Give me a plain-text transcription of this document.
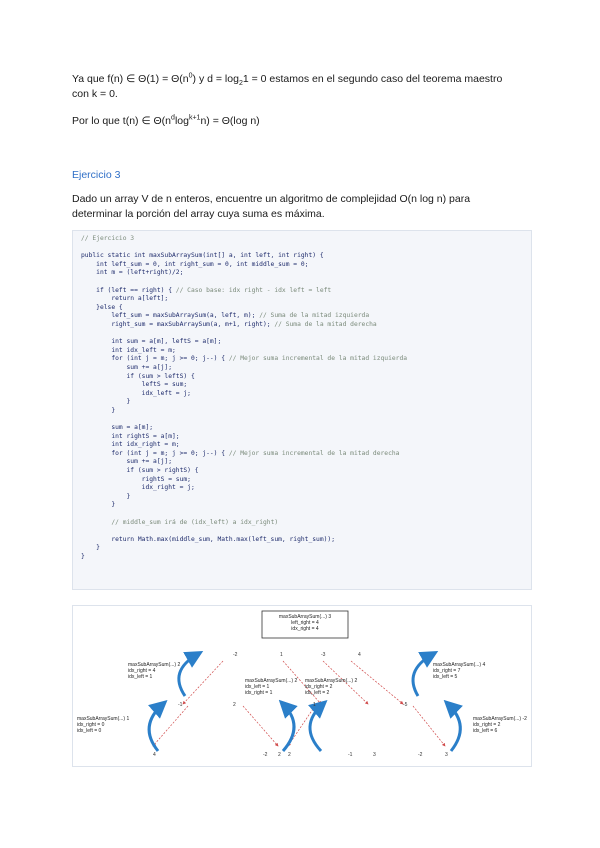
Ya que f(n) ∈ $\Theta(1) = \Theta(n^0)$ y $d = \log_21 = 0$ estamos en el segundo caso del teorema maestro
con k = 0.
Por lo que t(n) ∈ $\Theta(n^d\log^{k+1}n) = \Theta(\log$ n)
Ejercicio 3
Dado un array V de n enteros, encuentre un algoritmo de complejidad O(n log n) para
determinar la porción del array cuya suma es máxima.
// Ejercicio 3

public static int maxSubArraySum(int[] a, int left, int right) {
int left_sum = 0, int right_sum = 0, int middle_sum = 0;
int m = (left+right)/2;

if (left == right) { // Caso base: idx right - idx left = left
return a[left];
}else {
left_sum = maxSubArraySum(a, left, m); // Suma de la mitad izquierda
right_sum = maxSubArraySum(a, m+1, right); // Suma de la mitad derecha

int sum = a[m], leftS = a[m];
int idx_left = m;
for (int j = m; j >= 0; j--) { // Mejor suma incremental de la mitad izquierda
sum += a[j];
if (sum > leftS) {
leftS = sum;
idx_left = j;
}
}

sum = a[m];
int rightS = a[m];
int idx_right = m;
for (int j = m; j >= 0; j--) { // Mejor suma incremental de la mitad derecha
sum += a[j];
if (sum > rightS) {
rightS = sum;
idx_right = j;
}
}

// middle_sum irá de (idx_left) a idx_right)

return Math.max(middle_sum, Math.max(left_sum, right_sum));
}
}

-2	1	-3	4
-1	2	1	-5
4	2 2	3
3
-2	-1	-2
maxSubArraySum(...) 3
left_right = 4
idx_right = 4
maxSubArraySum(...) 2
idx_right = 4
idx_left = 1
maxSubArraySum(...) 4
idx_right = 7
idx_left = 5
maxSubArraySum(...) 1
idx_right = 0
idx_left = 0
maxSubArraySum(...) 2
idx_left = 1
idx_right = 1
maxSubArraySum(...) 2
idx_right = 2
idx_left = 2
maxSubArraySum(...) -2
idx_right = 2
idx_left = 6
